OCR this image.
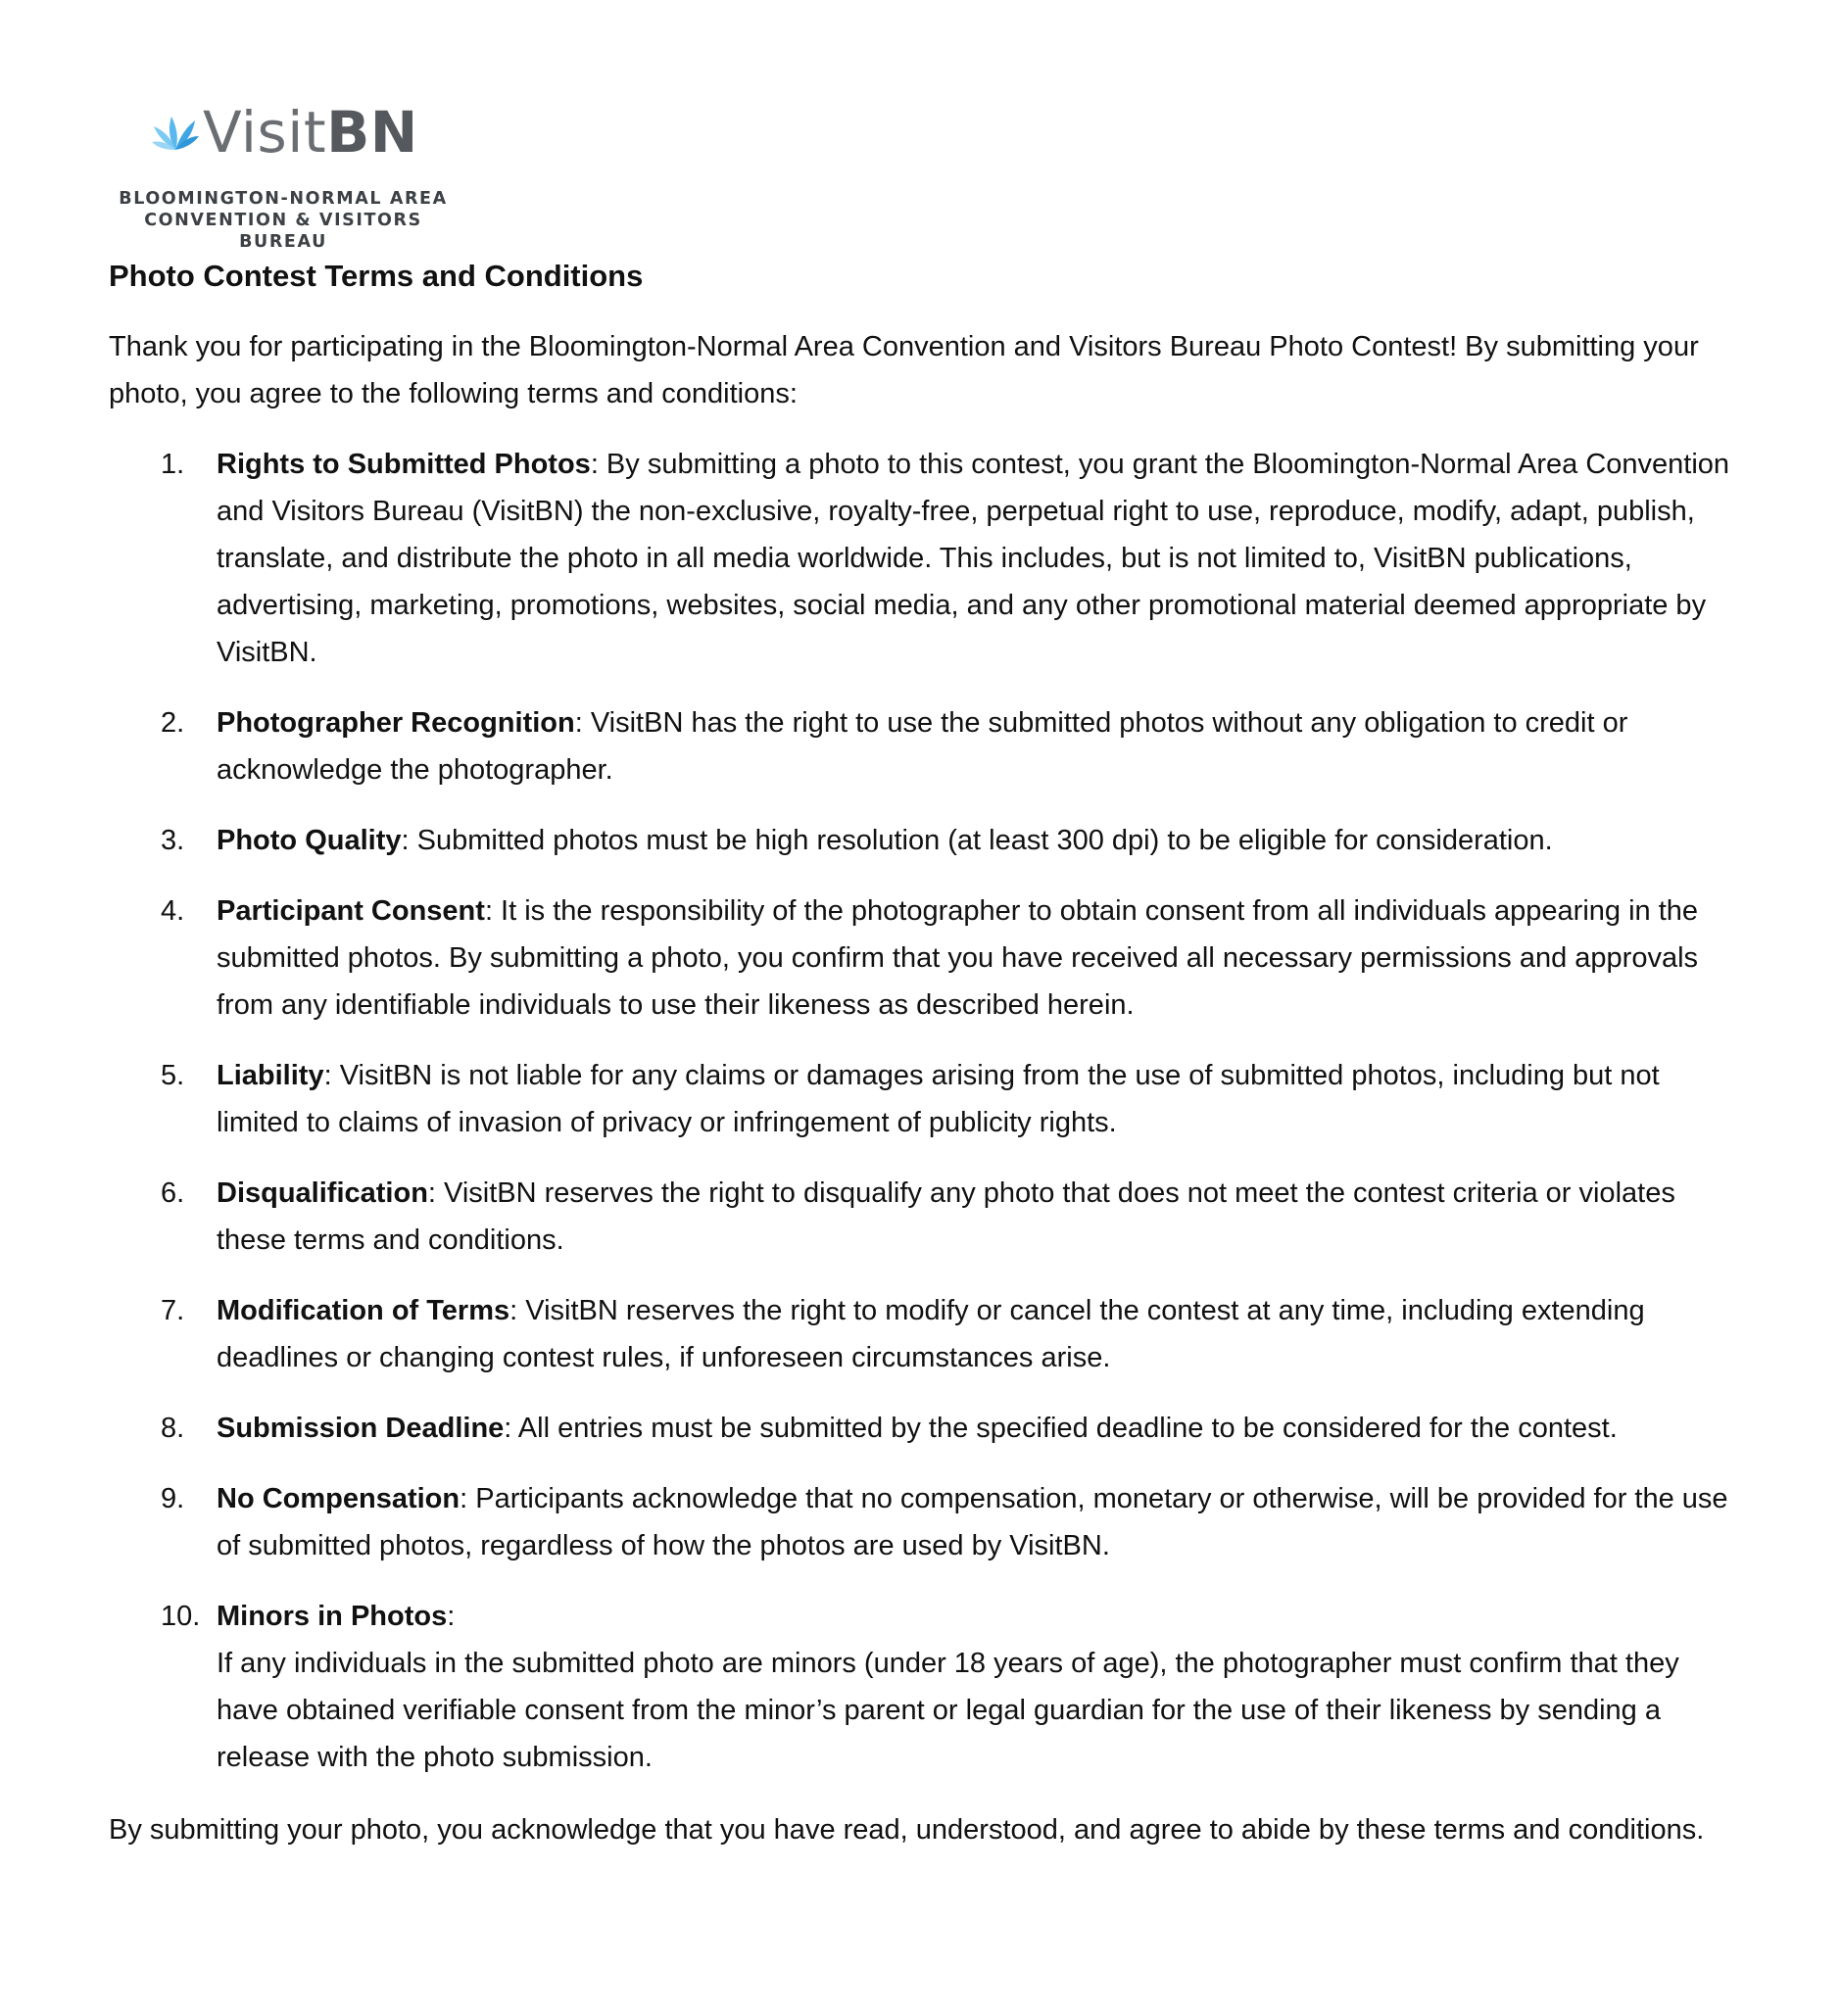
VisitBN
BLOOMINGTON-NORMAL AREA
CONVENTION & VISITORS BUREAU
Photo Contest Terms and Conditions

Thank you for participating in the Bloomington-Normal Area Convention and Visitors Bureau Photo Contest! By submitting your photo, you agree to the following terms and conditions:

1. Rights to Submitted Photos: By submitting a photo to this contest, you grant the Bloomington-Normal Area Convention and Visitors Bureau (VisitBN) the non-exclusive, royalty-free, perpetual right to use, reproduce, modify, adapt, publish, translate, and distribute the photo in all media worldwide. This includes, but is not limited to, VisitBN publications, advertising, marketing, promotions, websites, social media, and any other promotional material deemed appropriate by VisitBN.
2. Photographer Recognition: VisitBN has the right to use the submitted photos without any obligation to credit or acknowledge the photographer.
3. Photo Quality: Submitted photos must be high resolution (at least 300 dpi) to be eligible for consideration.
4. Participant Consent: It is the responsibility of the photographer to obtain consent from all individuals appearing in the submitted photos. By submitting a photo, you confirm that you have received all necessary permissions and approvals from any identifiable individuals to use their likeness as described herein.
5. Liability: VisitBN is not liable for any claims or damages arising from the use of submitted photos, including but not limited to claims of invasion of privacy or infringement of publicity rights.
6. Disqualification: VisitBN reserves the right to disqualify any photo that does not meet the contest criteria or violates these terms and conditions.
7. Modification of Terms: VisitBN reserves the right to modify or cancel the contest at any time, including extending deadlines or changing contest rules, if unforeseen circumstances arise.
8. Submission Deadline: All entries must be submitted by the specified deadline to be considered for the contest.
9. No Compensation: Participants acknowledge that no compensation, monetary or otherwise, will be provided for the use of submitted photos, regardless of how the photos are used by VisitBN.
10. Minors in Photos:
If any individuals in the submitted photo are minors (under 18 years of age), the photographer must confirm that they have obtained verifiable consent from the minor’s parent or legal guardian for the use of their likeness by sending a release with the photo submission.

By submitting your photo, you acknowledge that you have read, understood, and agree to abide by these terms and conditions.
